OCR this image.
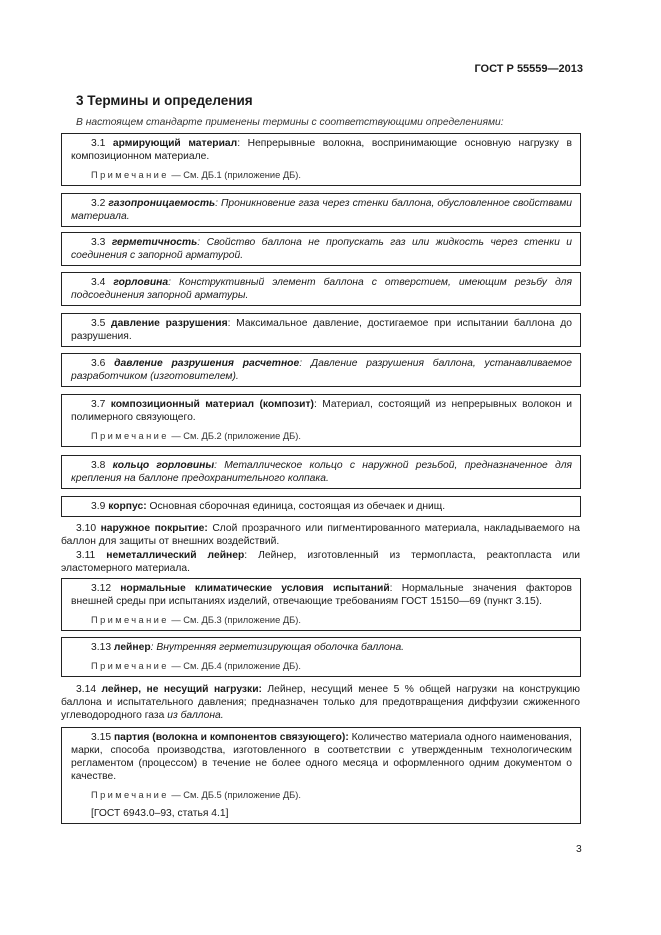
ГОСТ Р 55559—2013
3 Термины и определения
В настоящем стандарте применены термины с соответствующими определениями:

3.1 армирующий материал: Непрерывные волокна, воспринимающие основную нагрузку в композиционном материале.

Примечание — См. ДБ.1 (приложение ДБ).

3.2 газопроницаемость: Проникновение газа через стенки баллона, обусловленное свойствами материала.

3.3 герметичность: Свойство баллона не пропускать газ или жидкость через стенки и соединения с запорной арматурой.

3.4 горловина: Конструктивный элемент баллона с отверстием, имеющим резьбу для подсоединения запорной арматуры.

3.5 давление разрушения: Максимальное давление, достигаемое при испытании баллона до разрушения.

3.6 давление разрушения расчетное: Давление разрушения баллона, устанавливаемое разработчиком (изготовителем).

3.7 композиционный материал (композит): Материал, состоящий из непрерывных волокон и полимерного связующего.

Примечание — См. ДБ.2 (приложение ДБ).

3.8 кольцо горловины: Металлическое кольцо с наружной резьбой, предназначенное для крепления на баллоне предохранительного колпака.

3.9 корпус: Основная сборочная единица, состоящая из обечаек и днищ.

3.10 наружное покрытие: Слой прозрачного или пигментированного материала, накладываемого на баллон для защиты от внешних воздействий.

3.11 неметаллический лейнер: Лейнер, изготовленный из термопласта, реактопласта или эластомерного материала.

3.12 нормальные климатические условия испытаний: Нормальные значения факторов внешней среды при испытаниях изделий, отвечающие требованиям ГОСТ 15150—69 (пункт 3.15).

Примечание — См. ДБ.3 (приложение ДБ).

3.13 лейнер: Внутренняя герметизирующая оболочка баллона.

Примечание — См. ДБ.4 (приложение ДБ).

3.14 лейнер, не несущий нагрузки: Лейнер, несущий менее 5 % общей нагрузки на конструкцию баллона и испытательного давления; предназначен только для предотвращения диффузии сжиженного углеводородного газа из баллона.

3.15 партия (волокна и компонентов связующего): Количество материала одного наименования, марки, способа производства, изготовленного в соответствии с утвержденным технологическим регламентом (процессом) в течение не более одного месяца и оформленного одним документом о качестве.

Примечание — См. ДБ.5 (приложение ДБ).

[ГОСТ 6943.0–93, статья 4.1]

3
